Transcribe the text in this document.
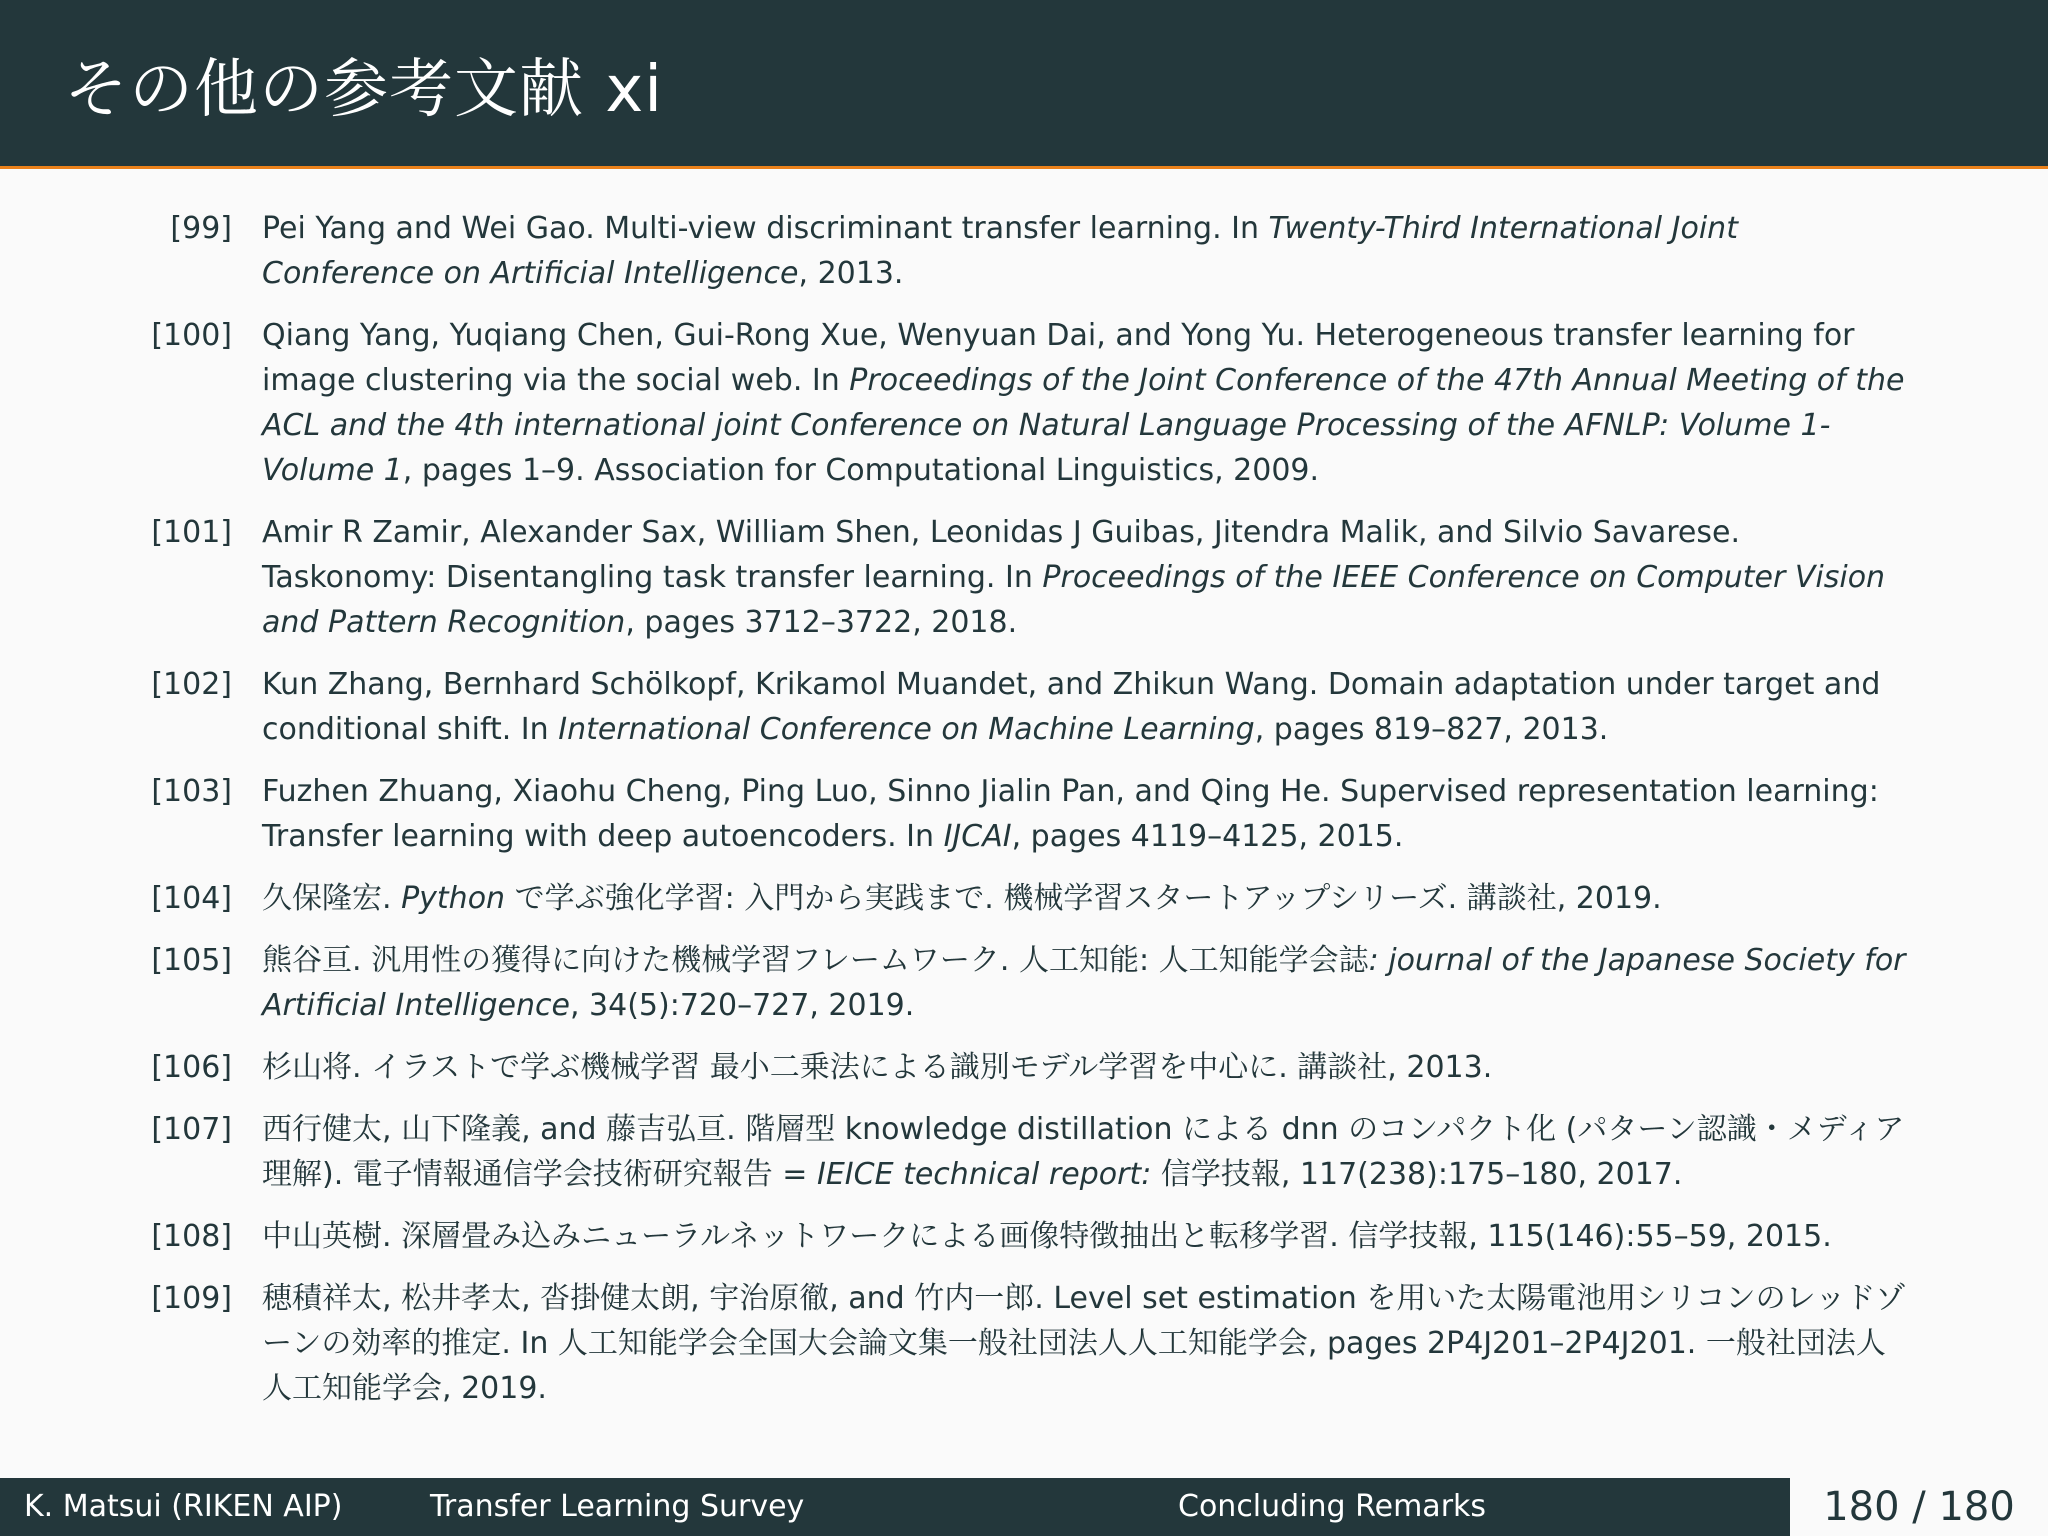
その他の参考文献 xi
[99]	Pei Yang and Wei Gao. Multi-view discriminant transfer learning. In Twenty-Third International Joint Conference on Artificial Intelligence, 2013.
[100]	Qiang Yang, Yuqiang Chen, Gui-Rong Xue, Wenyuan Dai, and Yong Yu. Heterogeneous transfer learning for image clustering via the social web. In Proceedings of the Joint Conference of the 47th Annual Meeting of the ACL and the 4th international joint Conference on Natural Language Processing of the AFNLP: Volume 1-Volume 1, pages 1–9. Association for Computational Linguistics, 2009.
[101]	Amir R Zamir, Alexander Sax, William Shen, Leonidas J Guibas, Jitendra Malik, and Silvio Savarese. Taskonomy: Disentangling task transfer learning. In Proceedings of the IEEE Conference on Computer Vision and Pattern Recognition, pages 3712–3722, 2018.
[102]	Kun Zhang, Bernhard Schölkopf, Krikamol Muandet, and Zhikun Wang. Domain adaptation under target and conditional shift. In International Conference on Machine Learning, pages 819–827, 2013.
[103]	Fuzhen Zhuang, Xiaohu Cheng, Ping Luo, Sinno Jialin Pan, and Qing He. Supervised representation learning: Transfer learning with deep autoencoders. In IJCAI, pages 4119–4125, 2015.
[104]	久保隆宏. Python で学ぶ強化学習: 入門から実践まで. 機械学習スタートアップシリーズ. 講談社, 2019.
[105]	熊谷亘. 汎用性の獲得に向けた機械学習フレームワーク. 人工知能: 人工知能学会誌: journal of the Japanese Society for Artificial Intelligence, 34(5):720–727, 2019.
[106]	杉山将. イラストで学ぶ機械学習 最小二乗法による識別モデル学習を中心に. 講談社, 2013.
[107]	西行健太, 山下隆義, and 藤吉弘亘. 階層型 knowledge distillation による dnn のコンパクト化 (パターン認識・メディア理解). 電子情報通信学会技術研究報告 = IEICE technical report: 信学技報, 117(238):175–180, 2017.
[108]	中山英樹. 深層畳み込みニューラルネットワークによる画像特徴抽出と転移学習. 信学技報, 115(146):55–59, 2015.
[109]	穂積祥太, 松井孝太, 沓掛健太朗, 宇治原徹, and 竹内一郎. Level set estimation を用いた太陽電池用シリコンのレッドゾーンの効率的推定. In 人工知能学会全国大会論文集一般社団法人人工知能学会, pages 2P4J201–2P4J201. 一般社団法人人工知能学会, 2019.
K. Matsui (RIKEN AIP)	Transfer Learning Survey	Concluding Remarks	180 / 180
